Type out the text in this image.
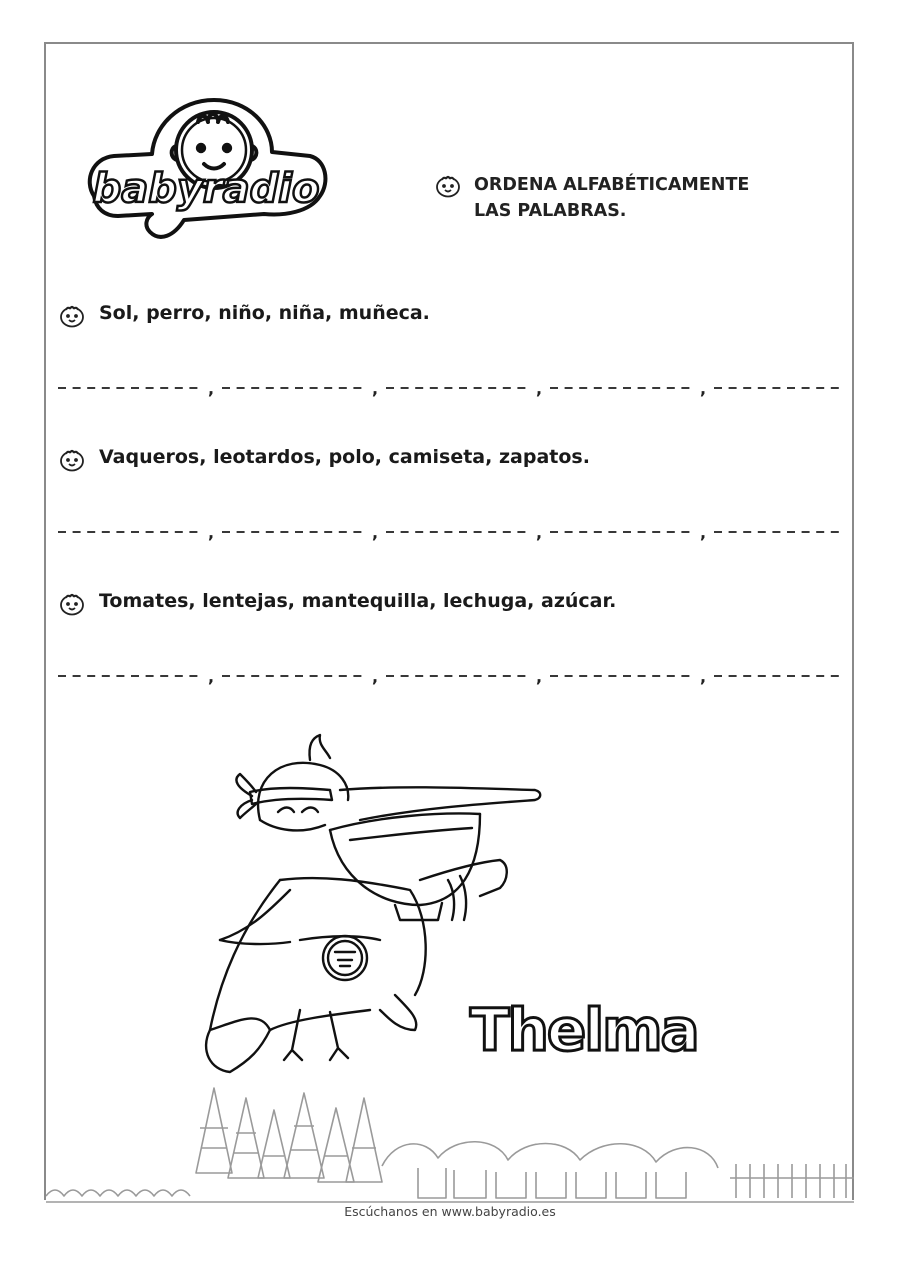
babyradio	ORDENA ALFABÉTICAMENTE
LAS PALABRAS.
Sol, perro, niño, niña, muñeca.
,	,	,	,
Vaqueros, leotardos, polo, camiseta, zapatos.
,	,	,	,
Tomates, lentejas, mantequilla, lechuga, azúcar.
,	,	,	,
Thelma
Escúchanos en www.babyradio.es
